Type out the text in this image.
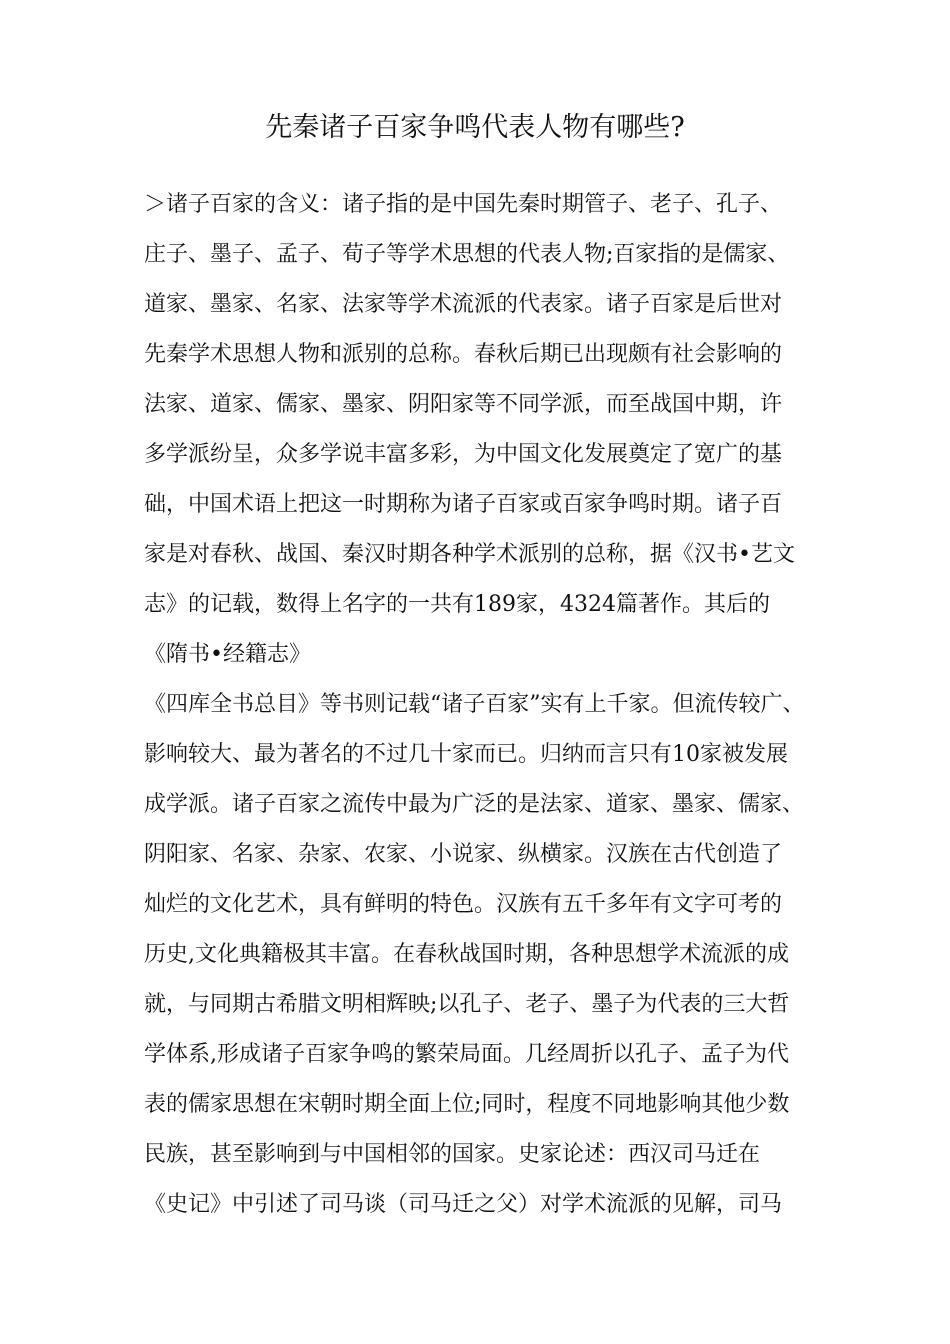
先秦诸子百家争鸣代表人物有哪些?
＞诸子百家的含义：诸子指的是中国先秦时期管子、老子、孔子、
庄子、墨子、孟子、荀子等学术思想的代表人物;百家指的是儒家、
道家、墨家、名家、法家等学术流派的代表家。诸子百家是后世对
先秦学术思想人物和派别的总称。春秋后期已出现颇有社会影响的
法家、道家、儒家、墨家、阴阳家等不同学派，而至战国中期，许
多学派纷呈，众多学说丰富多彩，为中国文化发展奠定了宽广的基
础，中国术语上把这一时期称为诸子百家或百家争鸣时期。诸子百
家是对春秋、战国、秦汉时期各种学术派别的总称，据《汉书•艺文
志》的记载，数得上名字的一共有189家，4324篇著作。其后的
《隋书•经籍志》
《四库全书总目》等书则记载“诸子百家”实有上千家。但流传较广、
影响较大、最为著名的不过几十家而已。归纳而言只有10家被发展
成学派。诸子百家之流传中最为广泛的是法家、道家、墨家、儒家、
阴阳家、名家、杂家、农家、小说家、纵横家。汉族在古代创造了
灿烂的文化艺术，具有鲜明的特色。汉族有五千多年有文字可考的
历史,文化典籍极其丰富。在春秋战国时期，各种思想学术流派的成
就，与同期古希腊文明相辉映;以孔子、老子、墨子为代表的三大哲
学体系,形成诸子百家争鸣的繁荣局面。几经周折以孔子、孟子为代
表的儒家思想在宋朝时期全面上位;同时，程度不同地影响其他少数
民族，甚至影响到与中国相邻的国家。史家论述：西汉司马迁在
《史记》中引述了司马谈（司马迁之父）对学术流派的见解，司马
